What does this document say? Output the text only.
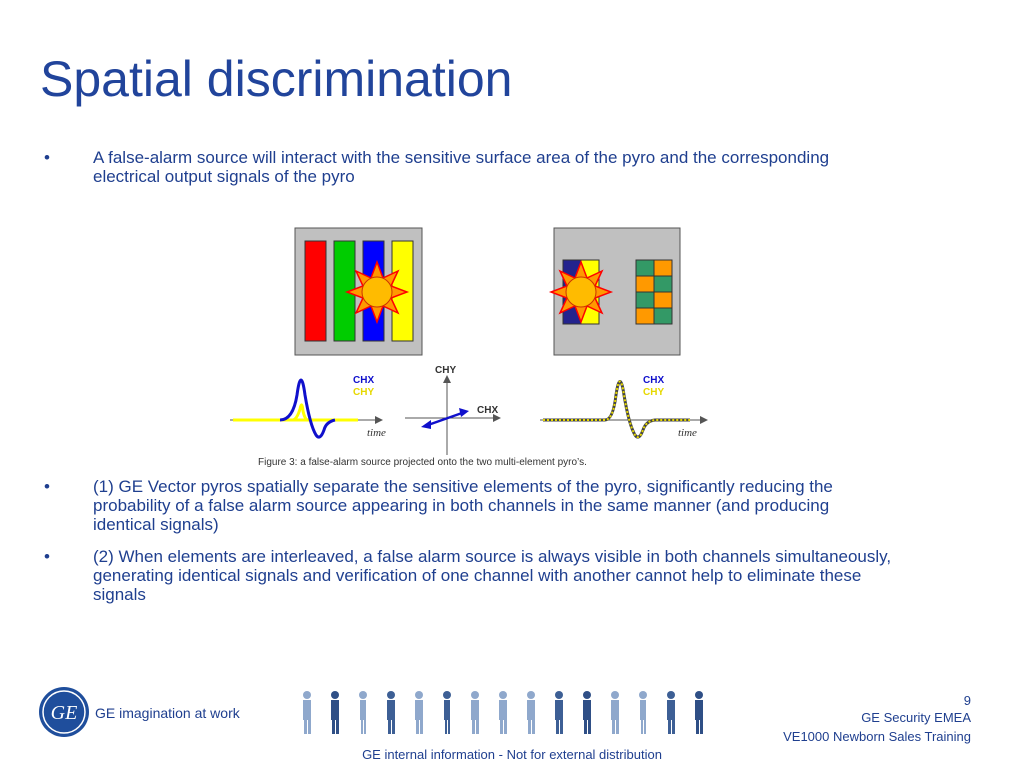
Spatial discrimination
•	A false-alarm source will interact with the sensitive surface area of the pyro and the corresponding electrical output signals of the pyro
CHX
CHY
time
CHY
CHX
CHX
CHY
time
Figure 3: a false-alarm source projected onto the two multi-element pyro’s.
•	(1) GE Vector pyros spatially separate the sensitive elements of the pyro, significantly reducing the probability of a false alarm source appearing in both channels in the same manner (and producing identical signals)
•	(2) When elements are interleaved, a false alarm source is always visible in both channels simultaneously, generating identical signals and verification of one channel with another cannot help to eliminate these signals
GE GE imagination at work
9
GE Security EMEA
VE1000 Newborn Sales Training
GE internal information - Not for external distribution
